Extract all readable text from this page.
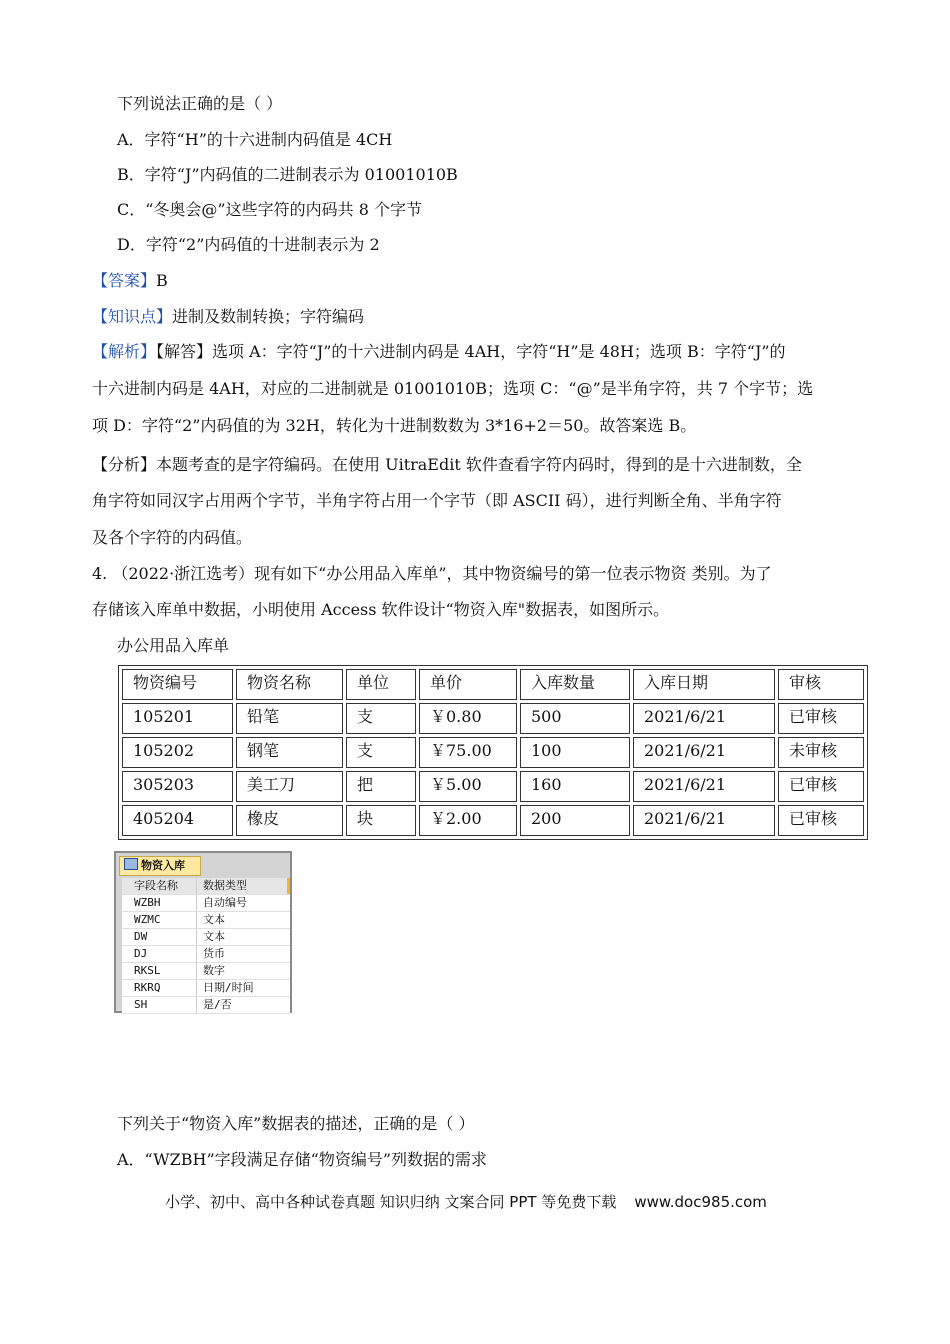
下列说法正确的是（ ）
A．字符“H”的十六进制内码值是 4CH
B．字符“J”内码值的二进制表示为 01001010B
C．“冬奥会@”这些字符的内码共 8 个字节
D．字符“2”内码值的十进制表示为 2
【答案】B
【知识点】进制及数制转换；字符编码
【解析】【解答】选项 A：字符“J”的十六进制内码是 4AH，字符“H”是 48H；选项 B：字符“J”的
十六进制内码是 4AH，对应的二进制就是 01001010B；选项 C：“@”是半角字符，共 7 个字节；选
项 D：字符“2”内码值的为 32H，转化为十进制数数为 3*16+2＝50。故答案选 B。
【分析】本题考查的是字符编码。在使用 UitraEdit 软件查看字符内码时，得到的是十六进制数，全
角字符如同汉字占用两个字节，半角字符占用一个字节（即 ASCII 码），进行判断全角、半角字符
及各个字符的内码值。
4. （2022·浙江选考）现有如下“办公用品入库单”，其中物资编号的第一位表示物资 类别。为了
存储该入库单中数据，小明使用 Access 软件设计“物资入库"数据表，如图所示。
办公用品入库单
物资编号	物资名称	单位	单价	入库数量	入库日期	审核
105201	铅笔	支	￥0.80	500	2021/6/21	已审核
105202	钢笔	支	￥75.00	100	2021/6/21	未审核
305203	美工刀	把	￥5.00	160	2021/6/21	已审核
405204	橡皮	块	￥2.00	200	2021/6/21	已审核
物资入库
字段名称	数据类型
WZBH	自动编号
WZMC	文本
DW	文本
DJ	货币
RKSL	数字
RKRQ	日期/时间
SH	是/否
下列关于“物资入库”数据表的描述，正确的是（ ）
A．“WZBH”字段满足存储“物资编号”列数据的需求
小学、初中、高中各种试卷真题 知识归纳 文案合同 PPT 等免费下载 www.doc985.com
